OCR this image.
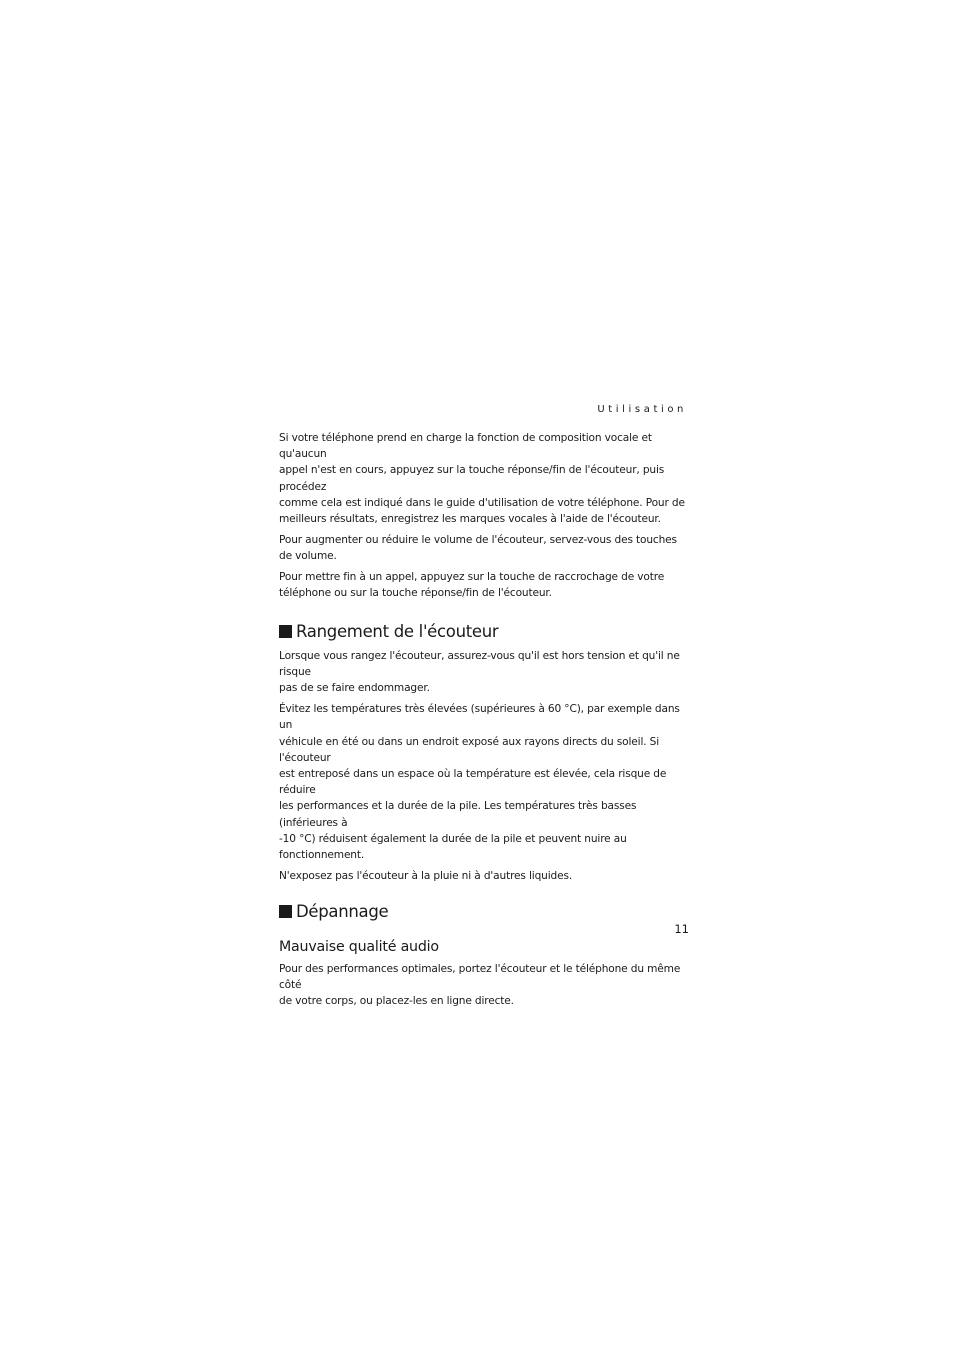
Utilisation

Si votre téléphone prend en charge la fonction de composition vocale et qu'aucun
appel n'est en cours, appuyez sur la touche réponse/fin de l'écouteur, puis procédez
comme cela est indiqué dans le guide d'utilisation de votre téléphone. Pour de
meilleurs résultats, enregistrez les marques vocales à l'aide de l'écouteur.

Pour augmenter ou réduire le volume de l'écouteur, servez-vous des touches
de volume.

Pour mettre fin à un appel, appuyez sur la touche de raccrochage de votre
téléphone ou sur la touche réponse/fin de l'écouteur.

Rangement de l'écouteur

Lorsque vous rangez l'écouteur, assurez-vous qu'il est hors tension et qu'il ne risque
pas de se faire endommager.

Évitez les températures très élevées (supérieures à 60 °C), par exemple dans un
véhicule en été ou dans un endroit exposé aux rayons directs du soleil. Si l'écouteur
est entreposé dans un espace où la température est élevée, cela risque de réduire
les performances et la durée de la pile. Les températures très basses (inférieures à
-10 °C) réduisent également la durée de la pile et peuvent nuire au
fonctionnement.

N'exposez pas l'écouteur à la pluie ni à d'autres liquides.

Dépannage
Mauvaise qualité audio

Pour des performances optimales, portez l'écouteur et le téléphone du même côté
de votre corps, ou placez-les en ligne directe.

11
